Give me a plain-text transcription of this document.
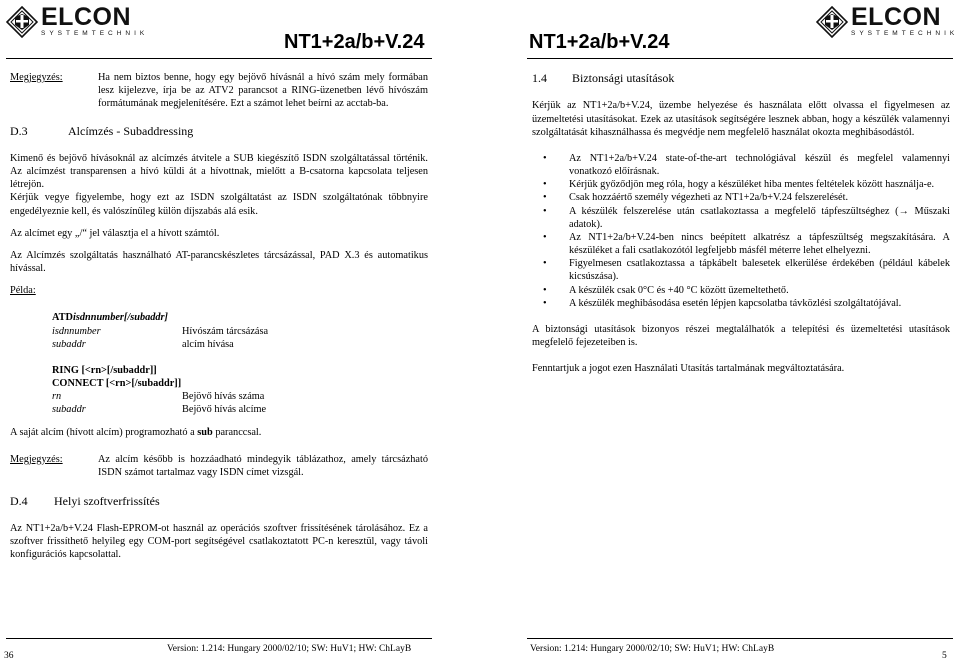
ELCON
SYSTEMTECHNIK	NT1+2a/b+V.24	NT1+2a/b+V.24
ELCON
SYSTEMTECHNIK
Megjegyzés:	Ha nem biztos benne, hogy egy bejövő hívásnál a hívó szám mely formában lesz kijelezve, írja be az ATV2 parancsot a RING-üzenetben lévő hívószám formátumának megjelenítésére. Ezt a számot lehet beírni az acctab-ba.
D.3	Alcímzés - Subaddressing

Kimenő és bejövő hívásoknál az alcímzés átvitele a SUB kiegészítő ISDN szolgáltatással történik. Az alcímzést transparensen a hívó küldi át a hívottnak, mielőtt a B-csatorna kapcsolata teljesen létrejön.

Kérjük vegye figyelembe, hogy ezt az ISDN szolgáltatást az ISDN szolgáltatónak többnyire engedélyeznie kell, és valószínűleg külön díjszabás alá esik.

Az alcímet egy „/“ jel választja el a hívott számtól.

Az Alcímzés szolgáltatás használható AT-parancskészletes tárcsázással, PAD X.3 és automatikus hívással.

Példa:

ATDisdnnumber[/subaddr]
isdnnumber	Hívószám tárcsázása
subaddr	alcím hívása
RING [<rn>[/subaddr]]
CONNECT [<rn>[/subaddr]]
rn	Bejövő hívás száma
subaddr	Bejövő hívás alcíme

A saját alcím (hívott alcím) programozható a sub paranccsal.

Megjegyzés:	Az alcím később is hozzáadható mindegyik táblázathoz, amely tárcsázható ISDN számot tartalmaz vagy ISDN címet vizsgál.
D.4	Helyi szoftverfrissítés

Az NT1+2a/b+V.24 Flash-EPROM-ot használ az operációs szoftver frissítésének tárolásához. Ez a szoftver frissíthető helyileg egy COM-port segítségével csatlakoztatott PC-n keresztül, vagy távoli konfigurációs kapcsolattal.

1.4	Biztonsági utasítások

Kérjük az NT1+2a/b+V.24, üzembe helyezése és használata előtt olvassa el figyelmesen az üzemeltetési utasításokat. Ezek az utasítások segítségére lesznek abban, hogy a készülék valamennyi szolgáltatását kihasználhassa és megvédje nem megfelelő használat okozta meghibásodástól.

• Az NT1+2a/b+V.24 state-of-the-art technológiával készül és megfelel valamennyi vonatkozó előírásnak.
• Kérjük győződjön meg róla, hogy a készüléket hiba mentes feltételek között használja-e.
• Csak hozzáértő személy végezheti az NT1+2a/b+V.24 felszerelését.
• A készülék felszerelése után csatlakoztassa a megfelelő tápfeszültséghez (→ Műszaki adatok).
• Az NT1+2a/b+V.24-ben nincs beépített alkatrész a tápfeszültség megszakítására. A készüléket a fali csatlakozótól legfeljebb másfél méterre lehet elhelyezni.
• Figyelmesen csatlakoztassa a tápkábelt balesetek elkerülése érdekében (például kábelek kicsúszása).
• A készülék csak 0°C és +40 °C között üzemeltethető.
• A készülék meghibásodása esetén lépjen kapcsolatba távközlési szolgáltatójával.

A biztonsági utasítások bizonyos részei megtalálhatók a telepítési és üzemeltetési utasítások megfelelő fejezeteiben is.

Fenntartjuk a jogot ezen Használati Utasítás tartalmának megváltoztatására.

36
Version: 1.214: Hungary 2000/02/10; SW: HuV1; HW: ChLayB	Version: 1.214: Hungary 2000/02/10; SW: HuV1; HW: ChLayB
5
